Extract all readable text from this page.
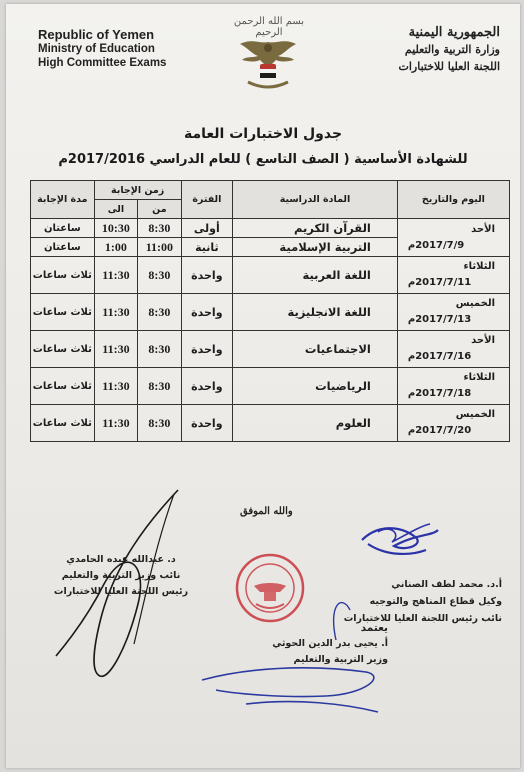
Republic of Yemen
Ministry of Education
High Committee Exams
بسم الله الرحمن الرحيم	الجمهورية اليمنية
وزارة التربية والتعليم
اللجنة العليا للاختبارات
جدول الاختبارات العامة
للشهادة الأساسية ( الصف التاسع ) للعام الدراسي 2017/2016م
اليوم والتاريخ	المادة الدراسية	الفترة	زمن الإجابة		مدة الإجابة
			من	الى	

الأحد
2017/7/9م	القرآن الكريم	أولى	8:30	10:30	ساعتان
	التربية الإسلامية	ثانية	11:00	1:00	ساعتان

الثلاثاء
2017/7/11م	اللغة العربية	واحدة	8:30	11:30	ثلاث ساعات

الخميس
2017/7/13م	اللغة الانجليزية	واحدة	8:30	11:30	ثلاث ساعات

الأحد
2017/7/16م	الاجتماعيات	واحدة	8:30	11:30	ثلاث ساعات

الثلاثاء
2017/7/18م	الرياضيات	واحدة	8:30	11:30	ثلاث ساعات

الخميس
2017/7/20م	العلوم	واحدة	8:30	11:30	ثلاث ساعات
والله الموفق
د. عبدالله عبده الحامدي
نائب وزير التربية والتعليم
رئيس اللجنة العليا للاختبارات
يعتمد
أ. يحيى بدر الدين الحوثي
وزير التربية والتعليم
أ.د. محمد لطف الصناني
وكيل قطاع المناهج والتوجيه
نائب رئيس اللجنة العليا للاختبارات
